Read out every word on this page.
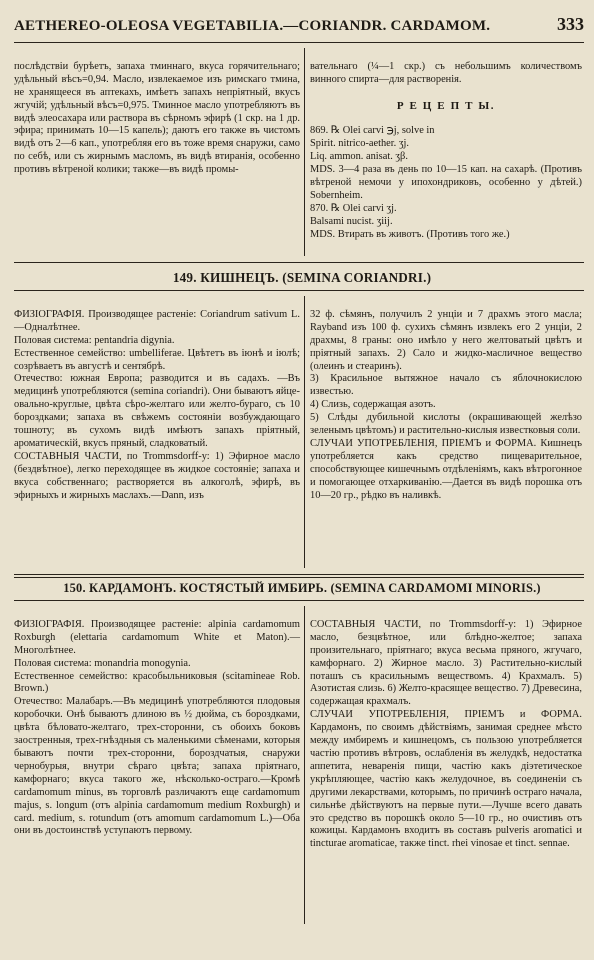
AETHEREO-OLEOSA VEGETABILIA.—CORIANDR. CARDAMOM.	333

послѣдствіи бурѣетъ, запаха тминнаго, вкуса горячительнаго; удѣльный вѣсъ=0,94. Масло, извлекаемое изъ римскаго тмина, не хранящееся въ аптекахъ, имѣетъ запахъ непріятный, вкусъ жгучій; удѣльный вѣсъ=0,975. Тминное масло употребляютъ въ видѣ элеосахара или раствора въ сѣрномъ эфирѣ (1 скр. на 1 др. эфира; принимать 10—15 капель); даютъ его также въ чистомъ видѣ отъ 2—6 кап., употребляя его въ тоже время снаружи, само по себѣ, или съ жирнымъ масломъ, въ видѣ втиранія, особенно противъ вѣтреной колики; также—въ видѣ промы-

вательнаго (¼—1 скр.) съ небольшимъ количествомъ винного спирта—для растворенія.

Р Е Ц Е П Т Ы.

869. ℞ Olei carvi ℈j, solve in
Spirit. nitrico-aether. ʒj.
Liq. ammon. anisat. ʒβ.
MDS. 3—4 раза въ день по 10—15 кап. на сахарѣ. (Противъ вѣтреной немочи у ипохондриковъ, особенно у дѣтей.) Sobernheim.
870. ℞ Olei carvi ʒj.
Balsami nucist. ʒiij.
MDS. Втирать въ животъ. (Противъ того же.)

149. КИШНЕЦЪ. (SEMINA CORIANDRI.)

ФИЗІОГРАФІЯ. Производящее растеніе: Coriandrum sativum L.—Одналѣтнее.
Половая система: pentandria digynia.
Естественное семейство: umbelliferae. Цвѣтетъ въ іюнѣ и іюлѣ; созрѣваетъ въ августѣ и сентябрѣ.
Отечество: южная Европа; разводится и въ садахъ. —Въ медицинѣ употребляются (semina coriandri). Они бываютъ яйце-овально-круглые, цвѣта сѣро-желтаго или желто-бураго, съ 10 бороздками; запаха въ свѣжемъ состояніи возбуждающаго тошноту; въ сухомъ видѣ имѣютъ запахъ пріятный, ароматическій, вкусъ пряный, сладковатый.
СОСТАВНЫЯ ЧАСТИ, по Trommsdorff-у: 1) Эфирное масло (бездвѣтное), легко переходящее въ жидкое состояніе; запаха и вкуса собственнаго; растворяется въ алкоголѣ, эфирѣ, въ эфирныхъ и жирныхъ маслахъ.—Dann, изъ

32 ф. сѣмянъ, получилъ 2 унціи и 7 драхмъ этого масла; Rayband изъ 100 ф. сухихъ сѣмянъ извлекъ его 2 унціи, 2 драхмы, 8 граны: оно имѣло у него желтоватый цвѣтъ и пріятный запахъ. 2) Сало и жидко-масличное вещество (олеинъ и стеаринъ).
3) Красильное вытяжное начало съ яблочнокислою известью.
4) Слизь, содержащая азотъ.
5) Слѣды дубильной кислоты (окрашивающей желѣзо зеленымъ цвѣтомъ) и растительно-кислыя известковыя соли.
СЛУЧАИ УПОТРЕБЛЕНІЯ, ПРІЕМЪ и ФОРМА. Кишнецъ употребляется какъ средство пищеварительное, способствующее кишечнымъ отдѣленіямъ, какъ вѣтрогонное и помогающее отхаркиванію.—Дается въ видѣ порошка отъ 10—20 гр., рѣдко въ наливкѣ.

150. КАРДАМОНЪ. КОСТЯСТЫЙ ИМБИРЬ. (SEMINA CARDAMOMI MINORIS.)

ФИЗІОГРАФІЯ. Производящее растеніе: alpinia cardamomum Roxburgh (elettaria cardamomum White et Maton).—Многолѣтнее.
Половая система: monandria monogynia.
Естественное семейство: красобыльниковыя (scitamineae Rob. Brown.)
Отечество: Малабаръ.—Въ медицинѣ употребляются плодовыя коробочки. Онѣ бываютъ длиною въ ½ дюйма, съ бороздками, цвѣта бѣловато-желтаго, трех-сторонни, съ обоихъ боковъ заостренныя, трех-гнѣздныя съ маленькими сѣменами, которыя бываютъ почти трех-сторонни, бороздчатыя, снаружи чернобурыя, внутри сѣраго цвѣта; запаха пріятнаго, камфорнаго; вкуса такого же, нѣсколько-остраго.—Кромѣ cardamomum minus, въ торговлѣ различаютъ еще cardamomum majus, s. longum (отъ alpinia cardamomum medium Roxburgh) и card. medium, s. rotundum (отъ amomum cardamomum L.)—Оба они въ достоинствѣ уступаютъ первому.

СОСТАВНЫЯ ЧАСТИ, по Trommsdorff-у: 1) Эфирное масло, безцвѣтное, или блѣдно-желтое; запаха произительнаго, пріятнаго; вкуса весьма пряного, жгучаго, камфорнаго. 2) Жирное масло. 3) Растительно-кислый поташъ съ красильнымъ веществомъ. 4) Крахмалъ. 5) Азотистая слизь. 6) Желто-красящее вещество. 7) Древесина, содержащая крахмалъ.
СЛУЧАИ УПОТРЕБЛЕНІЯ, ПРІЕМЪ и ФОРМА. Кардамонъ, по своимъ дѣйствіямъ, занимая среднее мѣсто между имбиремъ и кишнецомъ, съ пользою употребляется частію противъ вѣтровъ, ослабленія въ желудкѣ, недостатка аппетита, неваренія пищи, частію какъ діэтетическое укрѣпляющее, частію какъ желудочное, въ соединеніи съ другими лекарствами, которымъ, по причинѣ остраго начала, сильнѣе дѣйствуютъ на первые пути.—Лучше всего давать это средство въ порошкѣ около 5—10 гр., но очистивъ отъ кожицы. Кардамонъ входитъ въ составъ pulveris aromatici и tincturae aromaticae, также tinct. rhei vinosae et tinct. sennae.
